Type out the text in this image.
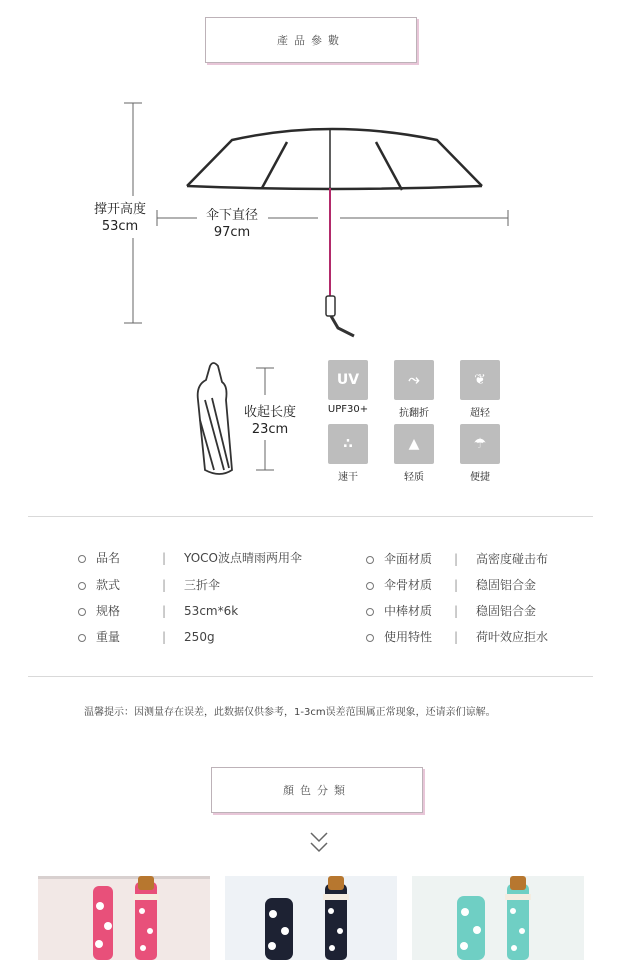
產品參數
撑开高度
53cm
伞下直径
97cm
收起长度
23cm
UV
UPF30+
⤳
抗翻折
❦
超轻
∴
速干
▲
轻质
☂
便捷
品名	| YOCO波点晴雨两用伞
款式	| 三折伞
规格	| 53cm*6k
重量	| 250g
伞面材质 | 高密度碰击布
伞骨材质 | 稳固铝合金
中棒材质 | 稳固铝合金
使用特性 | 荷叶效应拒水
温馨提示：因测量存在误差，此数据仅供参考，1-3cm误差范围属正常现象，还请亲们谅解。
顏色分類
